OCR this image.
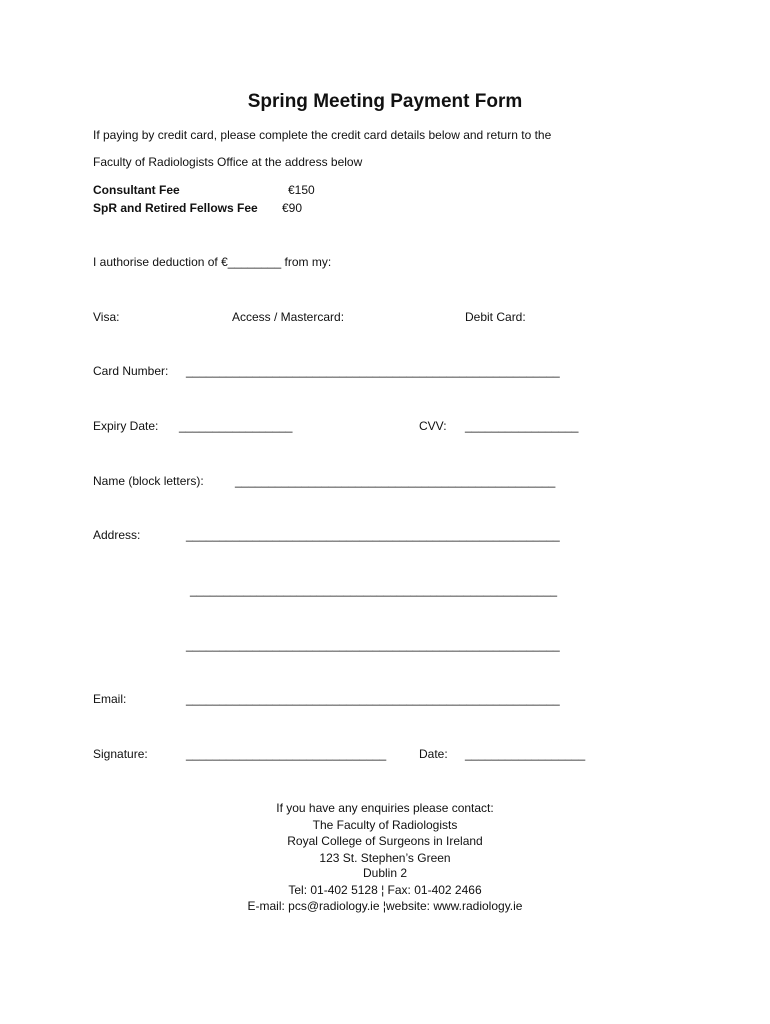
Spring Meeting Payment Form
If paying by credit card, please complete the credit card details below and return to the
Faculty of Radiologists Office at the address below
Consultant Fee	€150
SpR and Retired Fellows Fee €90
I authorise deduction of €________ from my:
Visa:	Access / Mastercard:	Debit Card:
Card Number: ________________________________________________________
Expiry Date: _________________	CVV: _________________
Name (block letters):	________________________________________________
Address:	________________________________________________________
_______________________________________________________
________________________________________________________
Email:	________________________________________________________
Signature:	______________________________	Date: __________________
If you have any enquiries please contact:
The Faculty of Radiologists
Royal College of Surgeons in Ireland
123 St. Stephen’s Green
Dublin 2
Tel: 01-402 5128 ¦ Fax: 01-402 2466
E-mail: pcs@radiology.ie ¦website: www.radiology.ie
